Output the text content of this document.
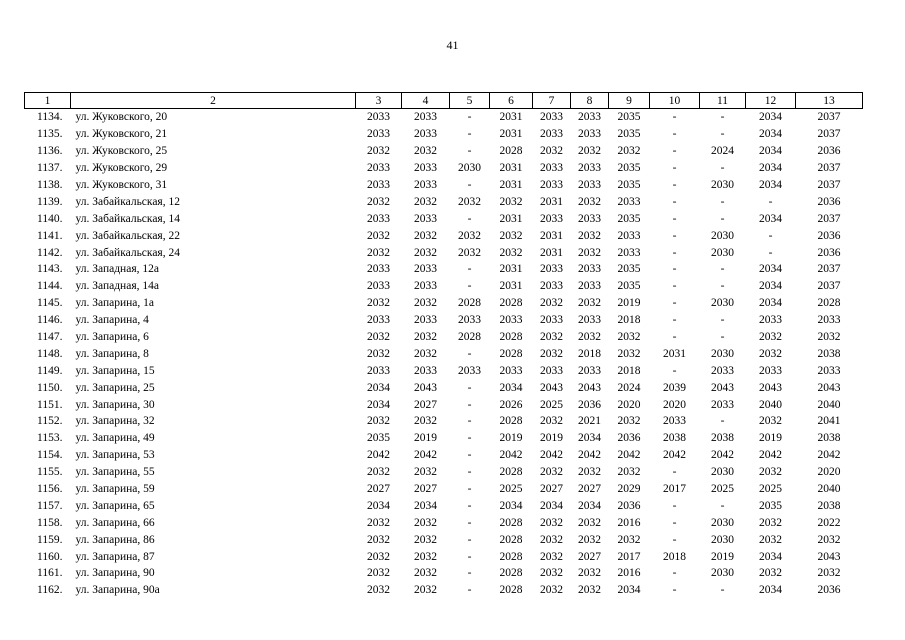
41
1	2	3	4	5	6	7	8	9	10	11	12	13
1134.	ул. Жуковского, 20	2033	2033	-	2031	2033	2033	2035	-	-	2034	2037
1135.	ул. Жуковского, 21	2033	2033	-	2031	2033	2033	2035	-	-	2034	2037
1136.	ул. Жуковского, 25	2032	2032	-	2028	2032	2032	2032	-	2024	2034	2036
1137.	ул. Жуковского, 29	2033	2033	2030	2031	2033	2033	2035	-	-	2034	2037
1138.	ул. Жуковского, 31	2033	2033	-	2031	2033	2033	2035	-	2030	2034	2037
1139.	ул. Забайкальская, 12	2032	2032	2032	2032	2031	2032	2033	-	-	-	2036
1140.	ул. Забайкальская, 14	2033	2033	-	2031	2033	2033	2035	-	-	2034	2037
1141.	ул. Забайкальская, 22	2032	2032	2032	2032	2031	2032	2033	-	2030	-	2036
1142.	ул. Забайкальская, 24	2032	2032	2032	2032	2031	2032	2033	-	2030	-	2036
1143.	ул. Западная, 12а	2033	2033	-	2031	2033	2033	2035	-	-	2034	2037
1144.	ул. Западная, 14а	2033	2033	-	2031	2033	2033	2035	-	-	2034	2037
1145.	ул. Запарина, 1а	2032	2032	2028	2028	2032	2032	2019	-	2030	2034	2028
1146.	ул. Запарина, 4	2033	2033	2033	2033	2033	2033	2018	-	-	2033	2033
1147.	ул. Запарина, 6	2032	2032	2028	2028	2032	2032	2032	-	-	2032	2032
1148.	ул. Запарина, 8	2032	2032	-	2028	2032	2018	2032	2031	2030	2032	2038
1149.	ул. Запарина, 15	2033	2033	2033	2033	2033	2033	2018	-	2033	2033	2033
1150.	ул. Запарина, 25	2034	2043	-	2034	2043	2043	2024	2039	2043	2043	2043
1151.	ул. Запарина, 30	2034	2027	-	2026	2025	2036	2020	2020	2033	2040	2040
1152.	ул. Запарина, 32	2032	2032	-	2028	2032	2021	2032	2033	-	2032	2041
1153.	ул. Запарина, 49	2035	2019	-	2019	2019	2034	2036	2038	2038	2019	2038
1154.	ул. Запарина, 53	2042	2042	-	2042	2042	2042	2042	2042	2042	2042	2042
1155.	ул. Запарина, 55	2032	2032	-	2028	2032	2032	2032	-	2030	2032	2020
1156.	ул. Запарина, 59	2027	2027	-	2025	2027	2027	2029	2017	2025	2025	2040
1157.	ул. Запарина, 65	2034	2034	-	2034	2034	2034	2036	-	-	2035	2038
1158.	ул. Запарина, 66	2032	2032	-	2028	2032	2032	2016	-	2030	2032	2022
1159.	ул. Запарина, 86	2032	2032	-	2028	2032	2032	2032	-	2030	2032	2032
1160.	ул. Запарина, 87	2032	2032	-	2028	2032	2027	2017	2018	2019	2034	2043
1161.	ул. Запарина, 90	2032	2032	-	2028	2032	2032	2016	-	2030	2032	2032
1162.	ул. Запарина, 90а	2032	2032	-	2028	2032	2032	2034	-	-	2034	2036
